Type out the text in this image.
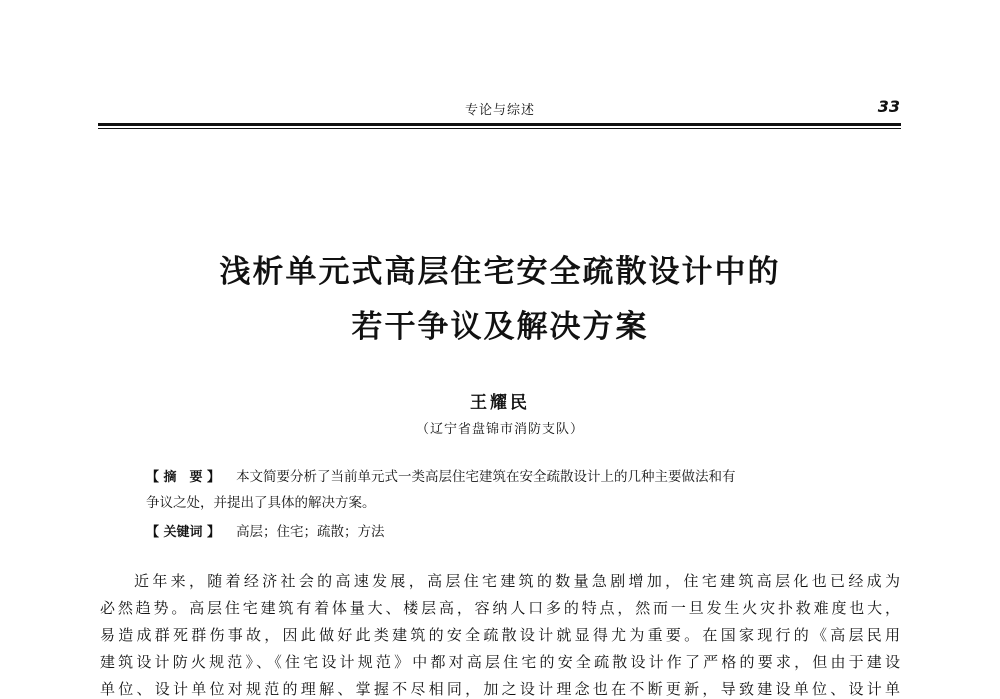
专论与综述	33
浅析单元式高层住宅安全疏散设计中的
若干争议及解决方案
王耀民
（辽宁省盘锦市消防支队）
【 摘　要 】 本文简要分析了当前单元式一类高层住宅建筑在安全疏散设计上的几种主要做法和有
争议之处，并提出了具体的解决方案。
【 关键词 】 高层；住宅；疏散；方法
近年来，随着经济社会的高速发展，高层住宅建筑的数量急剧增加，住宅建筑高层化也已经成为
必然趋势。高层住宅建筑有着体量大、楼层高，容纳人口多的特点，然而一旦发生火灾扑救难度也大，
易造成群死群伤事故，因此做好此类建筑的安全疏散设计就显得尤为重要。在国家现行的《高层民用
建筑设计防火规范》、《住宅设计规范》中都对高层住宅的安全疏散设计作了严格的要求，但由于建设
单位、设计单位对规范的理解、掌握不尽相同，加之设计理念也在不断更新，导致建设单位、设计单
